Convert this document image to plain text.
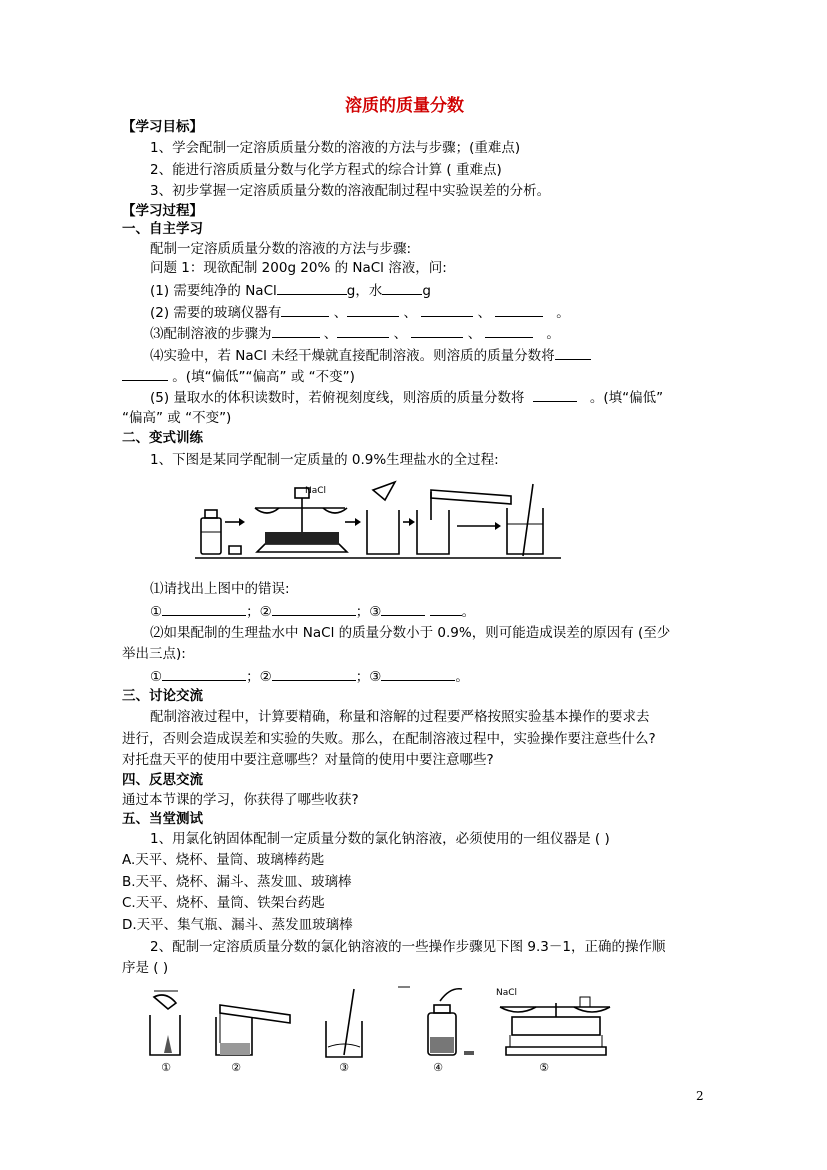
溶质的质量分数
【学习目标】
1、学会配制一定溶质质量分数的溶液的方法与步骤；(重难点)
2、能进行溶质质量分数与化学方程式的综合计算 ( 重难点)
3、初步掌握一定溶质质量分数的溶液配制过程中实验误差的分析。
【学习过程】
一、自主学习
配制一定溶质质量分数的溶液的方法与步骤:
问题 1：现欲配制 200g 20% 的 NaCl 溶液，问:
(1) 需要纯净的 NaCl	g，水	g
(2) 需要的玻璃仪器有	、	、	、	。
⑶配制溶液的步骤为	、	、	、	。
⑷实验中，若 NaCl 未经干燥就直接配制溶液。则溶质的质量分数将
。(填“偏低”“偏高” 或 “不变”)
(5) 量取水的体积读数时，若俯视刻度线，则溶质的质量分数将	。(填“偏低”
“偏高” 或 “不变”)
二、变式训练
1、下图是某同学配制一定质量的 0.9%生理盐水的全过程:
NaCl
⑴请找出上图中的错误:
①	；②	；③	。
⑵如果配制的生理盐水中 NaCl 的质量分数小于 0.9%，则可能造成误差的原因有 (至少
举出三点):
①	；②	；③	。
三、讨论交流
配制溶液过程中，计算要精确，称量和溶解的过程要严格按照实验基本操作的要求去
进行，否则会造成误差和实验的失败。那么，在配制溶液过程中，实验操作要注意些什么?
对托盘天平的使用中要注意哪些？对量筒的使用中要注意哪些?
四、反思交流
通过本节课的学习，你获得了哪些收获?
五、当堂测试
1、用氯化钠固体配制一定质量分数的氯化钠溶液，必须使用的一组仪器是 ( )
A.天平、烧杯、量筒、玻璃棒药匙
B.天平、烧杯、漏斗、蒸发皿、玻璃棒
C.天平、烧杯、量筒、铁架台药匙
D.天平、集气瓶、漏斗、蒸发皿玻璃棒
2、配制一定溶质质量分数的氯化钠溶液的一些操作步骤见下图 9.3－1，正确的操作顺
序是 ( )
①	②	③	④
NaCl
⑤
2
